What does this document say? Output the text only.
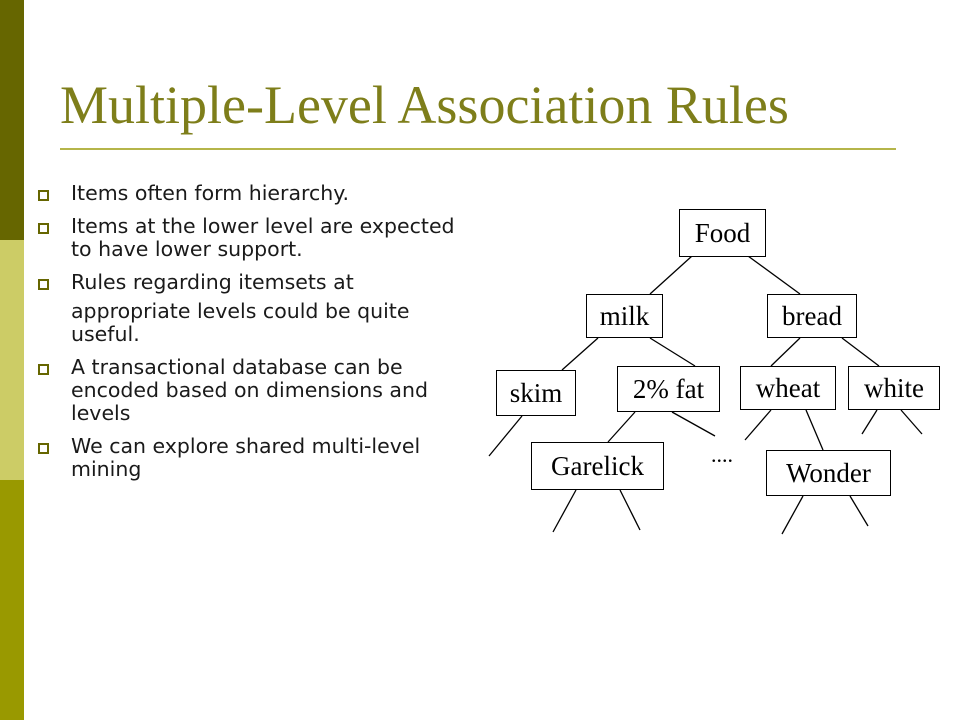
Multiple-Level Association Rules
Items often form hierarchy.
Items at the lower level are expected to have lower support.
Rules regarding itemsets at
appropriate levels could be quite useful.
A transactional database can be encoded based on dimensions and levels
We can explore shared multi-level mining
Food
milk	bread
skim	2% fat	wheat	white
Garelick	Wonder
....
